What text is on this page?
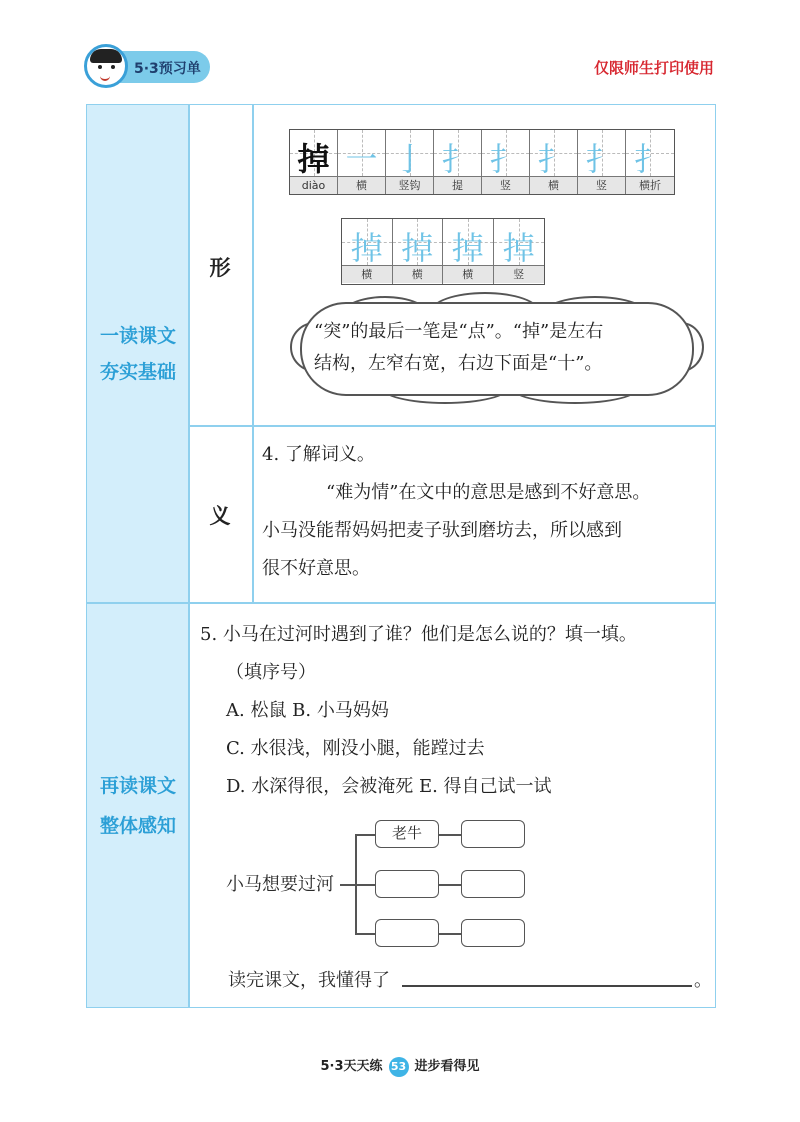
5·3预习单	仅限师生打印使用
一读课文
夯实基础
形
义
掉
diào
一
横
亅
竖钩
扌
提
扌
竖
扌
横
扌
竖
扌
横折
掉
横
掉
横
掉
横
掉
竖
“突”的最后一笔是“点”。“掉”是左右
结构，左窄右宽，右边下面是“十”。
4. 了解词义。
“难为情”在文中的意思是感到不好意思。
小马没能帮妈妈把麦子驮到磨坊去，所以感到
很不好意思。
再读课文
整体感知
5. 小马在过河时遇到了谁？他们是怎么说的？填一填。
（填序号）
A. 松鼠 B. 小马妈妈
C. 水很浅，刚没小腿，能蹚过去
D. 水深得很，会被淹死 E. 得自己试一试
小马想要过河
老牛
读完课文，我懂得了	。
5·3天天练 53 进步看得见
